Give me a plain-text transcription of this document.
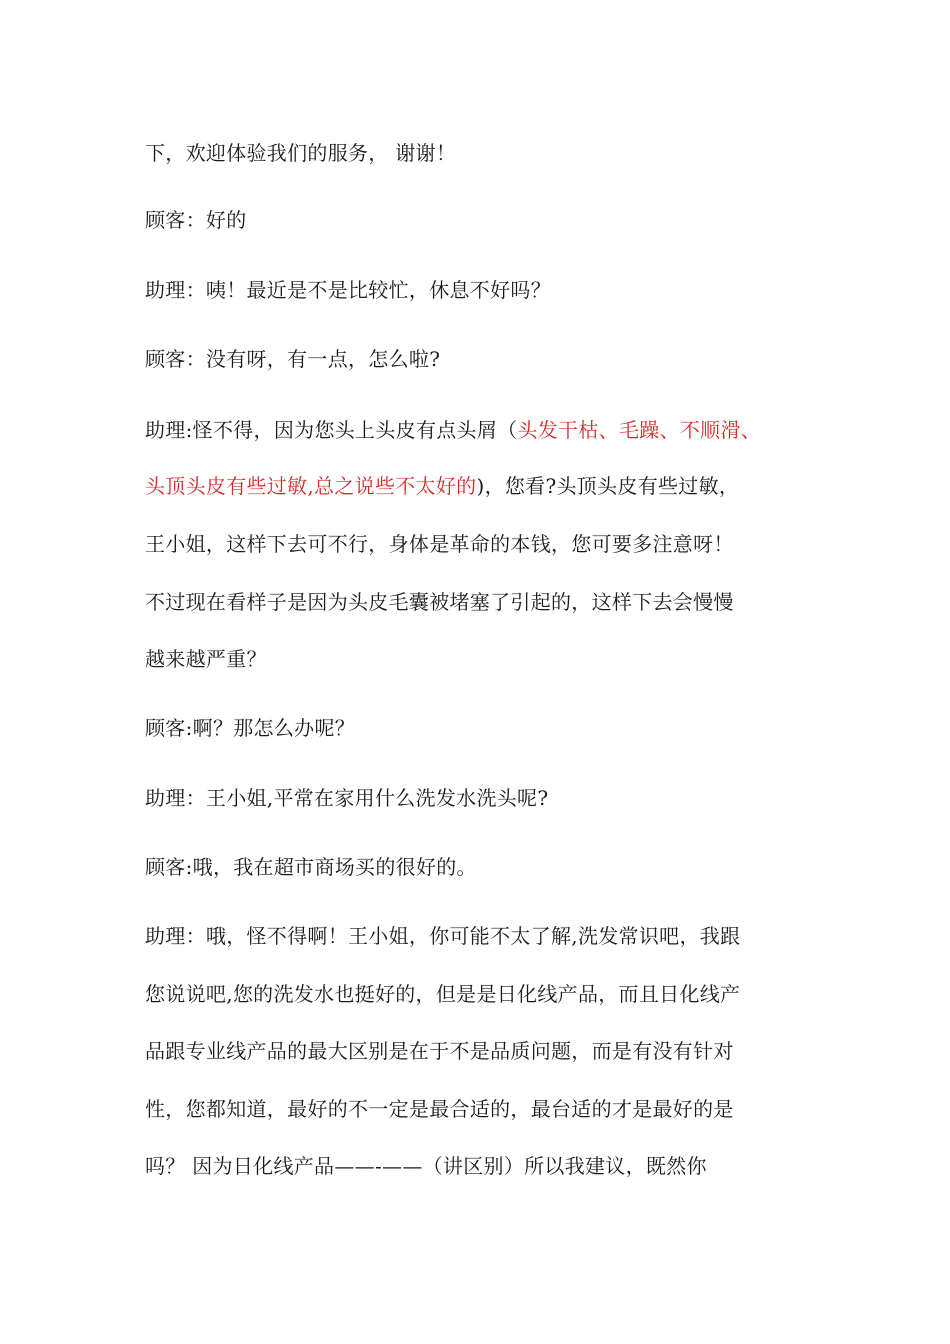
下，欢迎体验我们的服务， 谢谢！
顾客：好的
助理：咦！最近是不是比较忙，休息不好吗？
顾客：没有呀，有一点，怎么啦?
助理:怪不得，因为您头上头皮有点头屑（头发干枯、毛躁、不顺滑、
头顶头皮有些过敏,总之说些不太好的)，您看?头顶头皮有些过敏，
王小姐，这样下去可不行，身体是革命的本钱，您可要多注意呀！
不过现在看样子是因为头皮毛囊被堵塞了引起的，这样下去会慢慢
越来越严重？
顾客:啊？那怎么办呢？
助理：王小姐,平常在家用什么洗发水洗头呢?
顾客:哦，我在超市商场买的很好的。
助理：哦，怪不得啊！王小姐，你可能不太了解,洗发常识吧，我跟
您说说吧,您的洗发水也挺好的，但是是日化线产品，而且日化线产
品跟专业线产品的最大区别是在于不是品质问题，而是有没有针对
性，您都知道，最好的不一定是最合适的，最台适的才是最好的是
吗？ 因为日化线产品——-——（讲区别）所以我建议，既然你
